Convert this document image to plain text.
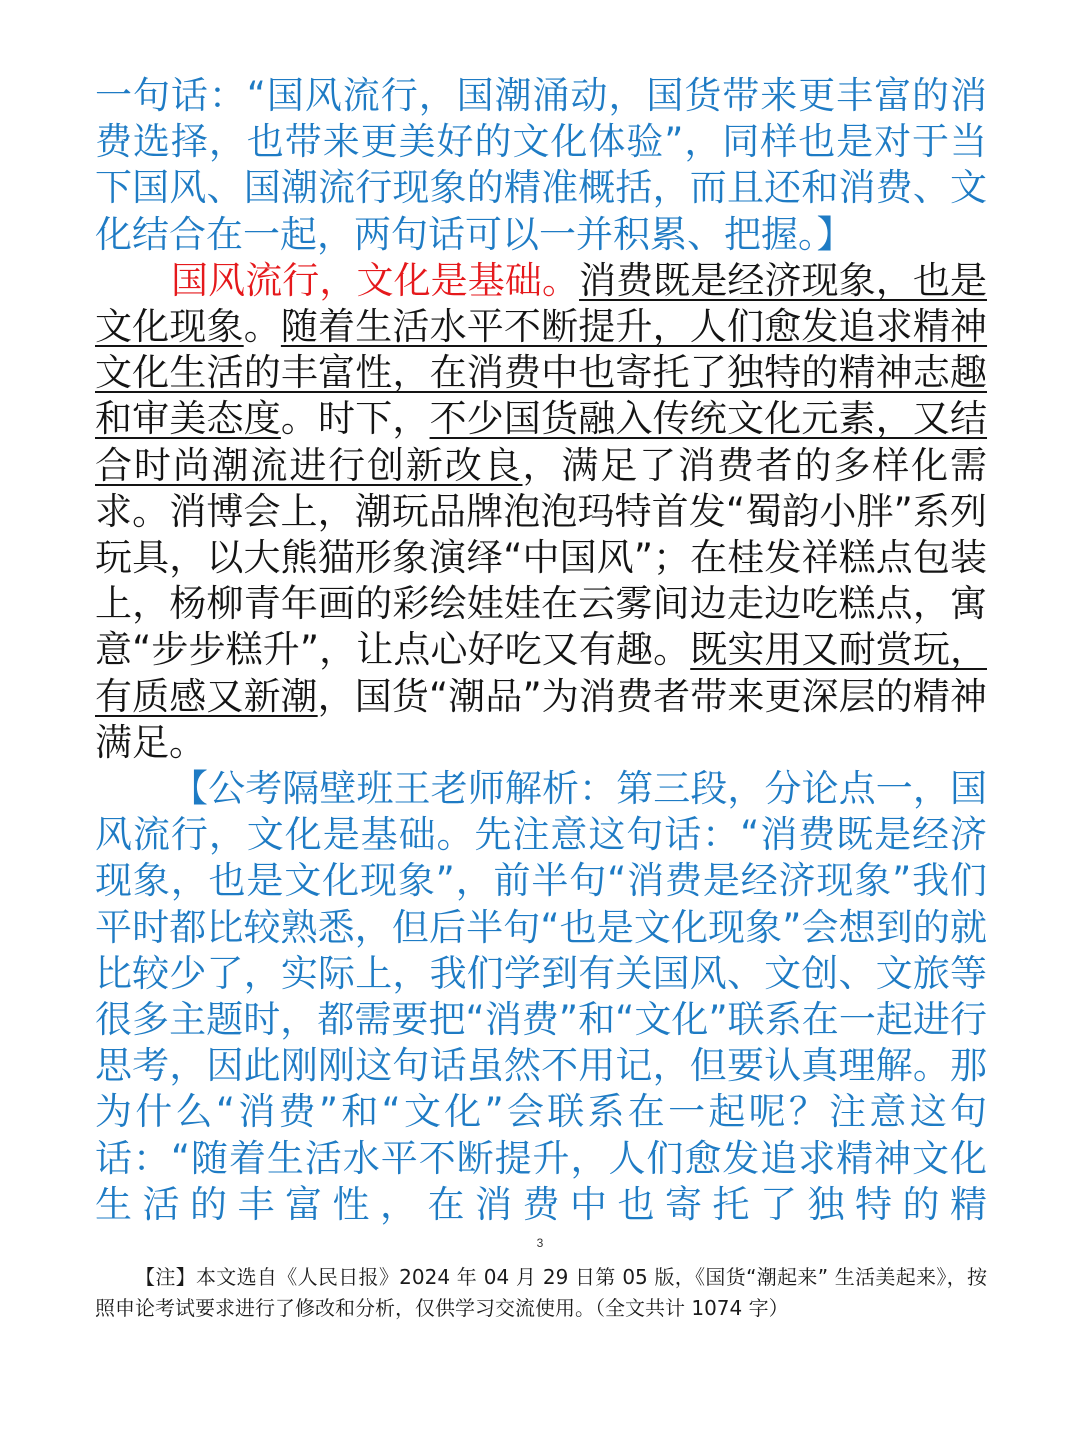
一句话：“国风流行，国潮涌动，国货带来更丰富的消费选择，也带来更美好的文化体验”，同样也是对于当下国风、国潮流行现象的精准概括，而且还和消费、文化结合在一起，两句话可以一并积累、把握。】

国风流行，文化是基础。消费既是经济现象，也是文化现象。随着生活水平不断提升，人们愈发追求精神文化生活的丰富性，在消费中也寄托了独特的精神志趣和审美态度。时下，不少国货融入传统文化元素，又结合时尚潮流进行创新改良，满足了消费者的多样化需求。消博会上，潮玩品牌泡泡玛特首发“蜀韵小胖”系列玩具，以大熊猫形象演绎“中国风”；在桂发祥糕点包装上，杨柳青年画的彩绘娃娃在云雾间边走边吃糕点，寓意“步步糕升”，让点心好吃又有趣。既实用又耐赏玩，有质感又新潮，国货“潮品”为消费者带来更深层的精神满足。

【公考隔壁班王老师解析：第三段，分论点一，国风流行，文化是基础。先注意这句话：“消费既是经济现象，也是文化现象”，前半句“消费是经济现象”我们平时都比较熟悉，但后半句“也是文化现象”会想到的就比较少了，实际上，我们学到有关国风、文创、文旅等很多主题时，都需要把“消费”和“文化”联系在一起进行思考，因此刚刚这句话虽然不用记，但要认真理解。那为什么“消费”和“文化”会联系在一起呢？注意这句话：“随着生活水平不断提升，人们愈发追求精神文化生活的丰富性，在消费中也寄托了独特的精

3
【注】本文选自《人民日报》2024 年 04 月 29 日第 05 版，《国货“潮起来” 生活美起来》，按照申论考试要求进行了修改和分析，仅供学习交流使用。（全文共计 1074 字）
